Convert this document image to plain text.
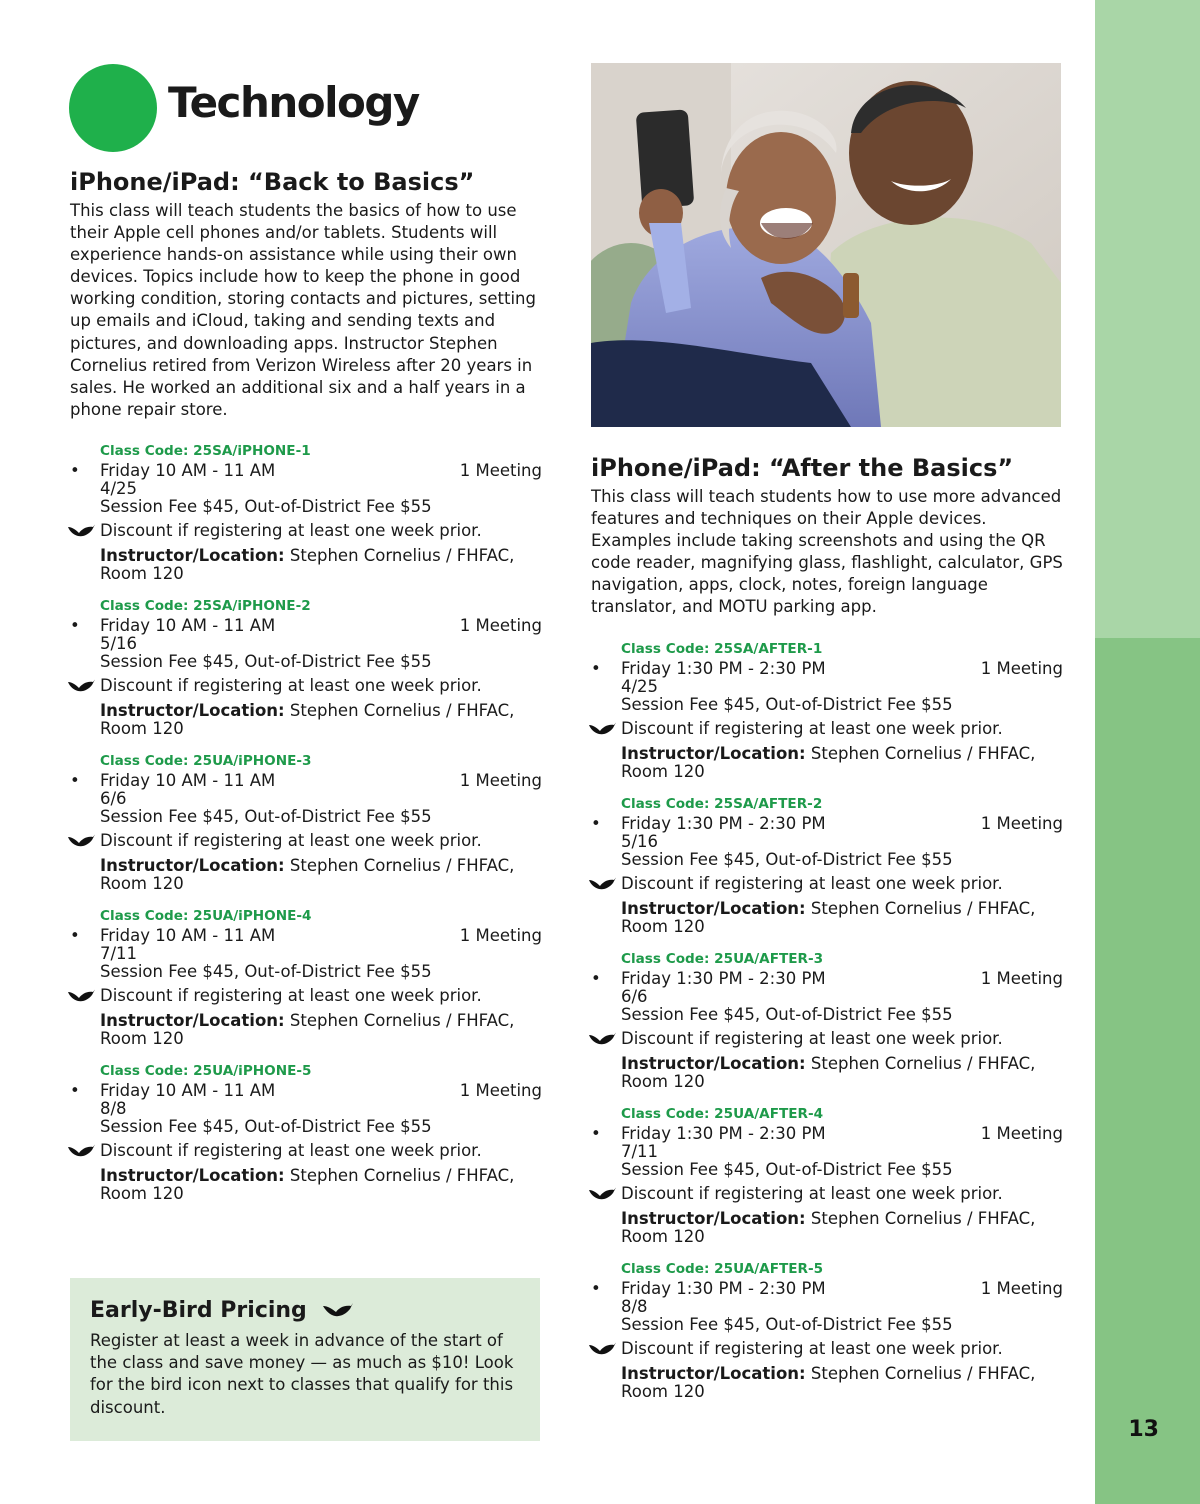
13
Technology
iPhone/iPad: “Back to Basics”

This class will teach students the basics of how to use their Apple cell phones and/or tablets. Students will experience hands-on assistance while using their own devices. Topics include how to keep the phone in good working condition, storing contacts and pictures, setting up emails and iCloud, taking and sending texts and pictures, and downloading apps. Instructor Stephen Cornelius retired from Verizon Wireless after 20 years in sales. He worked an additional six and a half years in a phone repair store.

Class Code: 25SA/iPHONE-1
• Friday 10 AM - 11 AM	1 Meeting
4/25
Session Fee $45, Out-of-District Fee $55
Discount if registering at least one week prior.
Instructor/Location: Stephen Cornelius / FHFAC,
Room 120
Class Code: 25SA/iPHONE-2
• Friday 10 AM - 11 AM	1 Meeting
5/16
Session Fee $45, Out-of-District Fee $55
Discount if registering at least one week prior.
Instructor/Location: Stephen Cornelius / FHFAC,
Room 120
Class Code: 25UA/iPHONE-3
• Friday 10 AM - 11 AM	1 Meeting
6/6
Session Fee $45, Out-of-District Fee $55
Discount if registering at least one week prior.
Instructor/Location: Stephen Cornelius / FHFAC,
Room 120
Class Code: 25UA/iPHONE-4
• Friday 10 AM - 11 AM	1 Meeting
7/11
Session Fee $45, Out-of-District Fee $55
Discount if registering at least one week prior.
Instructor/Location: Stephen Cornelius / FHFAC,
Room 120
Class Code: 25UA/iPHONE-5
• Friday 10 AM - 11 AM	1 Meeting
8/8
Session Fee $45, Out-of-District Fee $55
Discount if registering at least one week prior.
Instructor/Location: Stephen Cornelius / FHFAC,
Room 120
Early-Bird Pricing

Register at least a week in advance of the start of the class and save money — as much as $10! Look for the bird icon next to classes that qualify for this discount.

iPhone/iPad: “After the Basics”

This class will teach students how to use more advanced features and techniques on their Apple devices. Examples include taking screenshots and using the QR code reader, magnifying glass, flashlight, calculator, GPS navigation, apps, clock, notes, foreign language translator, and MOTU parking app.

Class Code: 25SA/AFTER-1
• Friday 1:30 PM - 2:30 PM	1 Meeting
4/25
Session Fee $45, Out-of-District Fee $55
Discount if registering at least one week prior.
Instructor/Location: Stephen Cornelius / FHFAC,
Room 120
Class Code: 25SA/AFTER-2
• Friday 1:30 PM - 2:30 PM	1 Meeting
5/16
Session Fee $45, Out-of-District Fee $55
Discount if registering at least one week prior.
Instructor/Location: Stephen Cornelius / FHFAC,
Room 120
Class Code: 25UA/AFTER-3
• Friday 1:30 PM - 2:30 PM	1 Meeting
6/6
Session Fee $45, Out-of-District Fee $55
Discount if registering at least one week prior.
Instructor/Location: Stephen Cornelius / FHFAC,
Room 120
Class Code: 25UA/AFTER-4
• Friday 1:30 PM - 2:30 PM	1 Meeting
7/11
Session Fee $45, Out-of-District Fee $55
Discount if registering at least one week prior.
Instructor/Location: Stephen Cornelius / FHFAC,
Room 120
Class Code: 25UA/AFTER-5
• Friday 1:30 PM - 2:30 PM	1 Meeting
8/8
Session Fee $45, Out-of-District Fee $55
Discount if registering at least one week prior.
Instructor/Location: Stephen Cornelius / FHFAC,
Room 120
